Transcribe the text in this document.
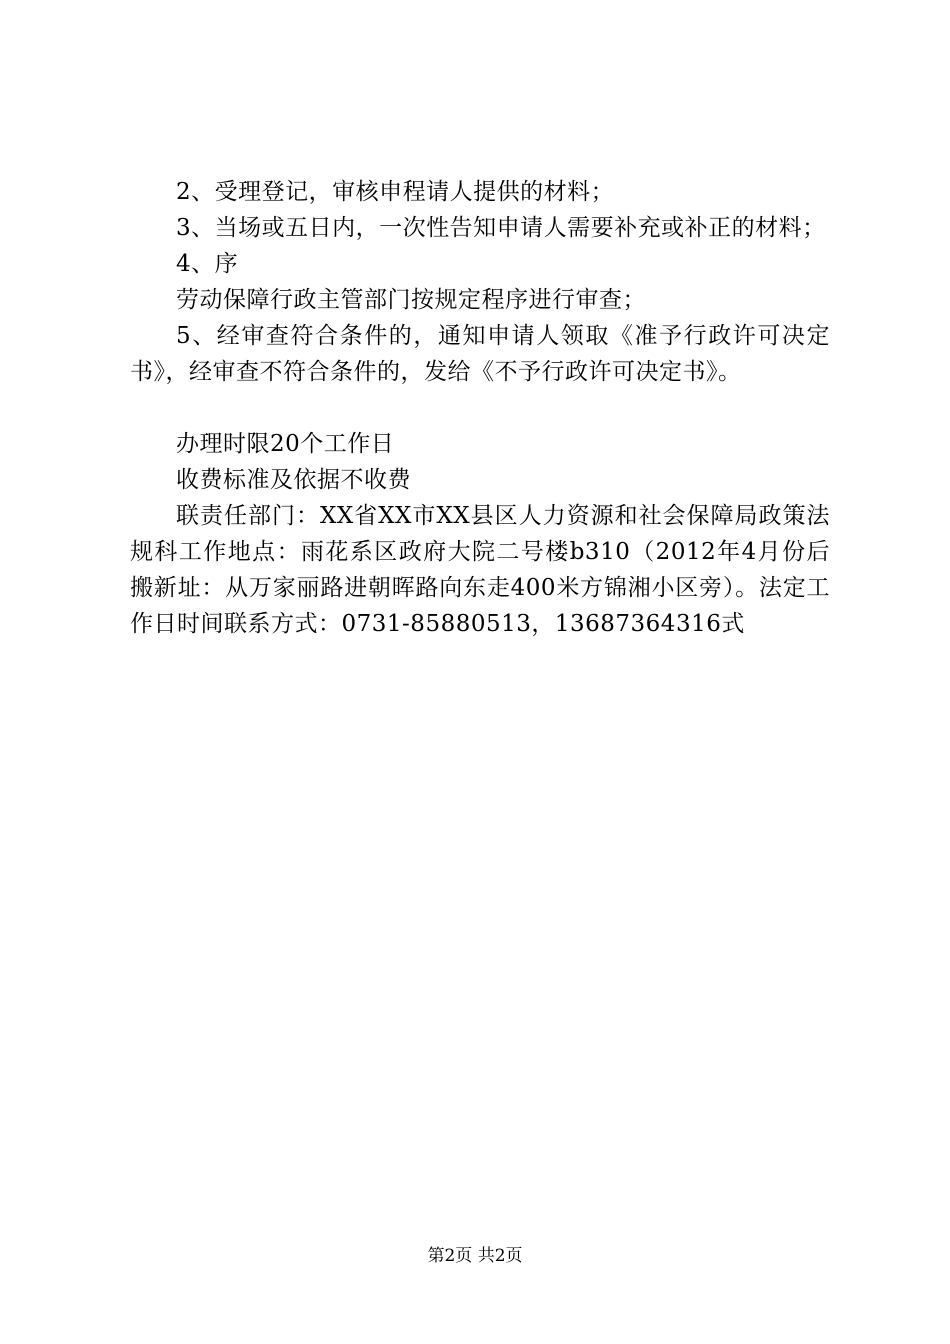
2、受理登记，审核申程请人提供的材料；

3、当场或五日内，一次性告知申请人需要补充或补正的材料；

4、序

劳动保障行政主管部门按规定程序进行审查；

5、经审查符合条件的，通知申请人领取《准予行政许可决定书》，经审查不符合条件的，发给《不予行政许可决定书》。

办理时限20个工作日

收费标准及依据不收费

联责任部门：XX省XX市XX县区人力资源和社会保障局政策法规科工作地点：雨花系区政府大院二号楼b310（2012年4月份后搬新址：从万家丽路进朝晖路向东走400米方锦湘小区旁）。法定工作日时间联系方式：0731-85880513，13687364316式

第2页 共2页
